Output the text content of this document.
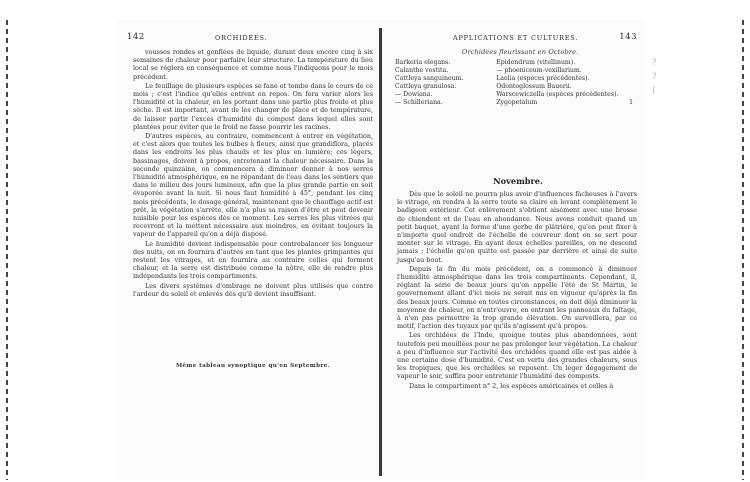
142	ORCHIDÉES.

vousses rondes et gonflées de liquide, durant deux encore cinq à six semaines de chaleur pour parfaire leur structure. La température du lieu local se réglera en conséquence et comme nous l'indiquons pour le mois précédent.

Le feuillage de plusieurs espèces se fane et tombe dans le cours de ce mois ; c'est l'indice qu'elles entrent en repos. On fera varier alors les l'humidité et la chaleur, en les portant dans une partie plus froide et plus sèche. Il est important, avant de les changer de place et de température, de laisser partir l'excès d'humidité du compost dans lequel elles sont plantées pour éviter que le froid ne fasse pourrir les racines.

D'autres espèces, au contraire, commencent à entrer en végétation, et c'est alors que toutes les bulbes à fleurs, ainsi que grandiflora, placés dans les endroits les plus chauds et les plus en lumière; ces légers, bassinages, doivent à propos, entretenant la chaleur nécessaire. Dans la seconde quinzaine, on commencera à diminuer donner à nos serres l'humidité atmosphérique, en ne répandant de l'eau dans les sentiers que dans le milieu des jours lumineux, afin que la plus grande partie en soit évaporée avant la nuit. Si nous faut humidité à 45°, pendant les cinq mois précédents, le dosage général, maintenant que le chauffage actif est prêt, la végétation s'arrête, elle n'a plus sa raison d'être et peut devenir nuisible pour les espèces dès ce moment. Les serres les plus vitrées qui recevront et la mettent nécessaire aux moindres, en évitant toujours la vapeur de l'appareil qu'on a déjà disposé.

Le humidité devient indispensable pour contrebalancer les longueur des nuits, on en fournira d'autres en tant que les plantes grimpantes qui restent les vitrages, et en fournira au contraire celles qui forment chaleur, et la serre est distribuée comme la nôtre, elle de rendre plus indépendants les trois compartiments.

Les divers systèmes d'ombrage ne doivent plus utilisés que contre l'ardeur du soleil et enlevés dès qu'il devient insuffisant.

Même tableau synoptique qu'en Septembre.

APPLICATIONS ET CULTURES.	143
Orchidées fleurissant en Octobre.
Barkeria elegans.	Epidendrum (vitellinum).	
Calanthe vestita.	— phoeniceum-vexillarium.	
Cattleya sanguineum.	Laelia (espèces précédentes).	
Cattleya granulosa.	Odontoglossum Bauerii.	
— Dowiana.	Warscewiczella (espèces précédentes).	
— Schilleriana.	Zygopetalum	1
Novembre.

Dès que le soleil ne pourra plus avoir d'influences fâcheuses à l'avers le vitrage, on rendra à la serre toute sa claire en levant complètement le badigeon extérieur. Cet enlèvement s'obtient aisément avec une brosse de chiendent et de l'eau en abondance. Nous avons conduit quand un petit baquet, ayant la forme d'une gerbe de plâtrière, qu'on peut fixer à n'importe quel endroit de l'échelle de couvreur dont on se sert pour monter sur le vitrage. En ayant deux échelles pareilles, on ne descend jamais ; l'échelle qu'on quitte est passée par derrière et ainsi de suite jusqu'au bout.

Depuis la fin du mois précédent, on a commencé à diminuer l'humidité atmosphérique dans les trois compartiments. Cependant, il, réglant la série de beaux jours qu'on appelle l'été de St Martin, le gouvernement allant d'ici mois ne serait mis en vigueur qu'après la fin des beaux jours. Comme en toutes circonstances, on doit déjà diminuer la moyenne de chaleur, on n'entr'ouvre, en entrant les panneaux du faîtage, à n'en pas permettre la trop grande élévation. On surveillera, par ce motif, l'action des tuyaux par qu'ils n'agissent qu'à propos.

Les orchidées de l'Inde, quoique toutes plus abandonnées, sont toutefois peu mouillées pour ne pas prolonger leur végétation. La chaleur a peu d'influence sur l'activité des orchidées quand elle est pas aidée à une certaine dose d'humidité. C'est en vertu des grandes chaleurs, sous les tropiques, que les orchidées se reposent. Un léger dégagement de vapeur le soir, suffira pour entretenir l'humidité des composts.

Dans le compartiment n° 2, les espèces américaines et celles à

?
?
(
